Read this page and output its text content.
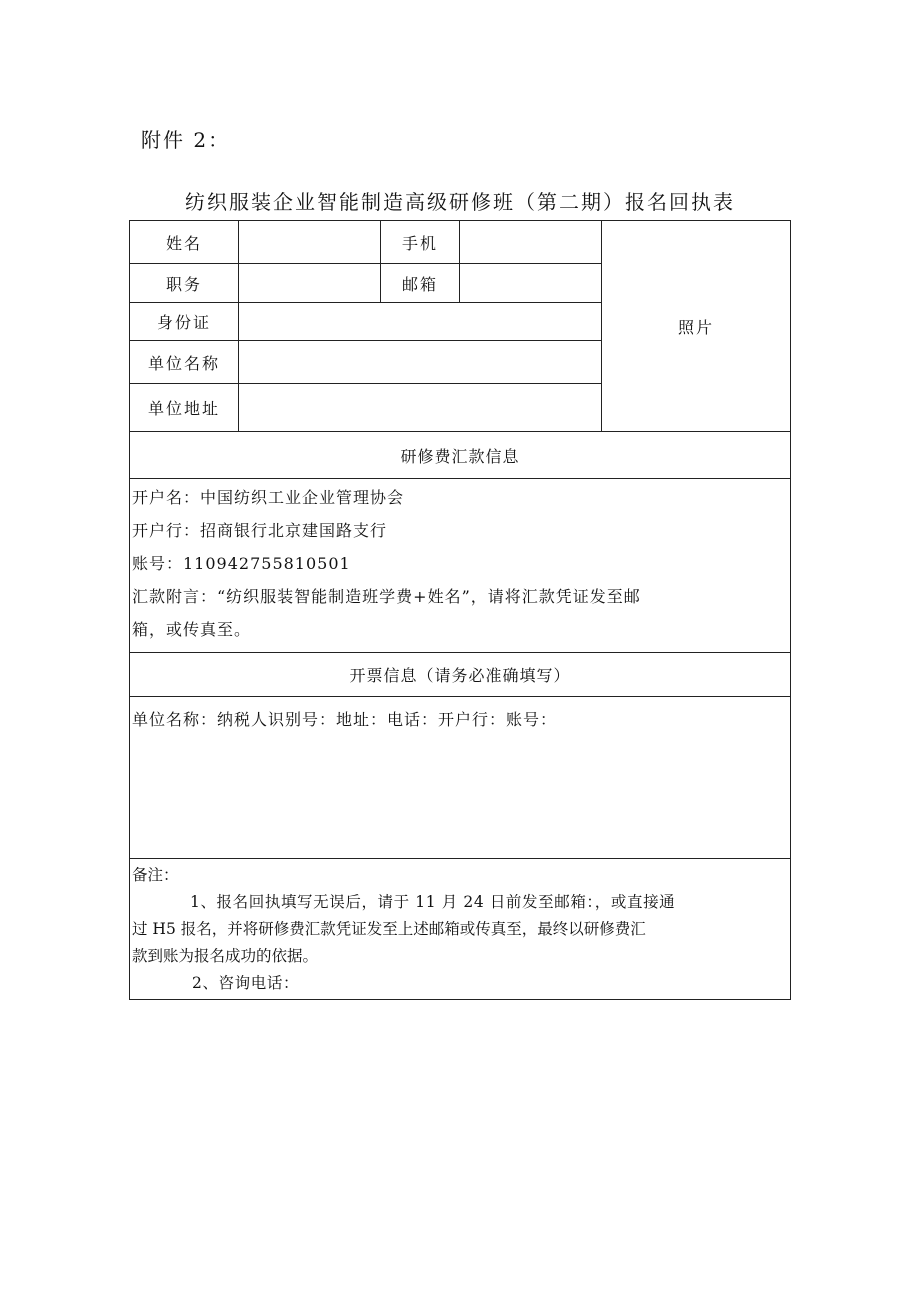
附件 2：
纺织服装企业智能制造高级研修班（第二期）报名回执表
姓名		手机		照片
职务		邮箱		
身份证				
单位名称				
单位地址				
研修费汇款信息				

开户名：中国纺织工业企业管理协会
开户行：招商银行北京建国路支行
账号：110942755810501
汇款附言：“纺织服装智能制造班学费+姓名”，请将汇款凭证发至邮
箱，或传真至。				

开票信息（请务必准确填写）				

单位名称：纳税人识别号：地址：电话：开户行：账号：				

备注：
1、报名回执填写无误后，请于 11 月 24 日前发至邮箱：，或直接通
过 H5 报名，并将研修费汇款凭证发至上述邮箱或传真至，最终以研修费汇
款到账为报名成功的依据。
2、咨询电话：				
